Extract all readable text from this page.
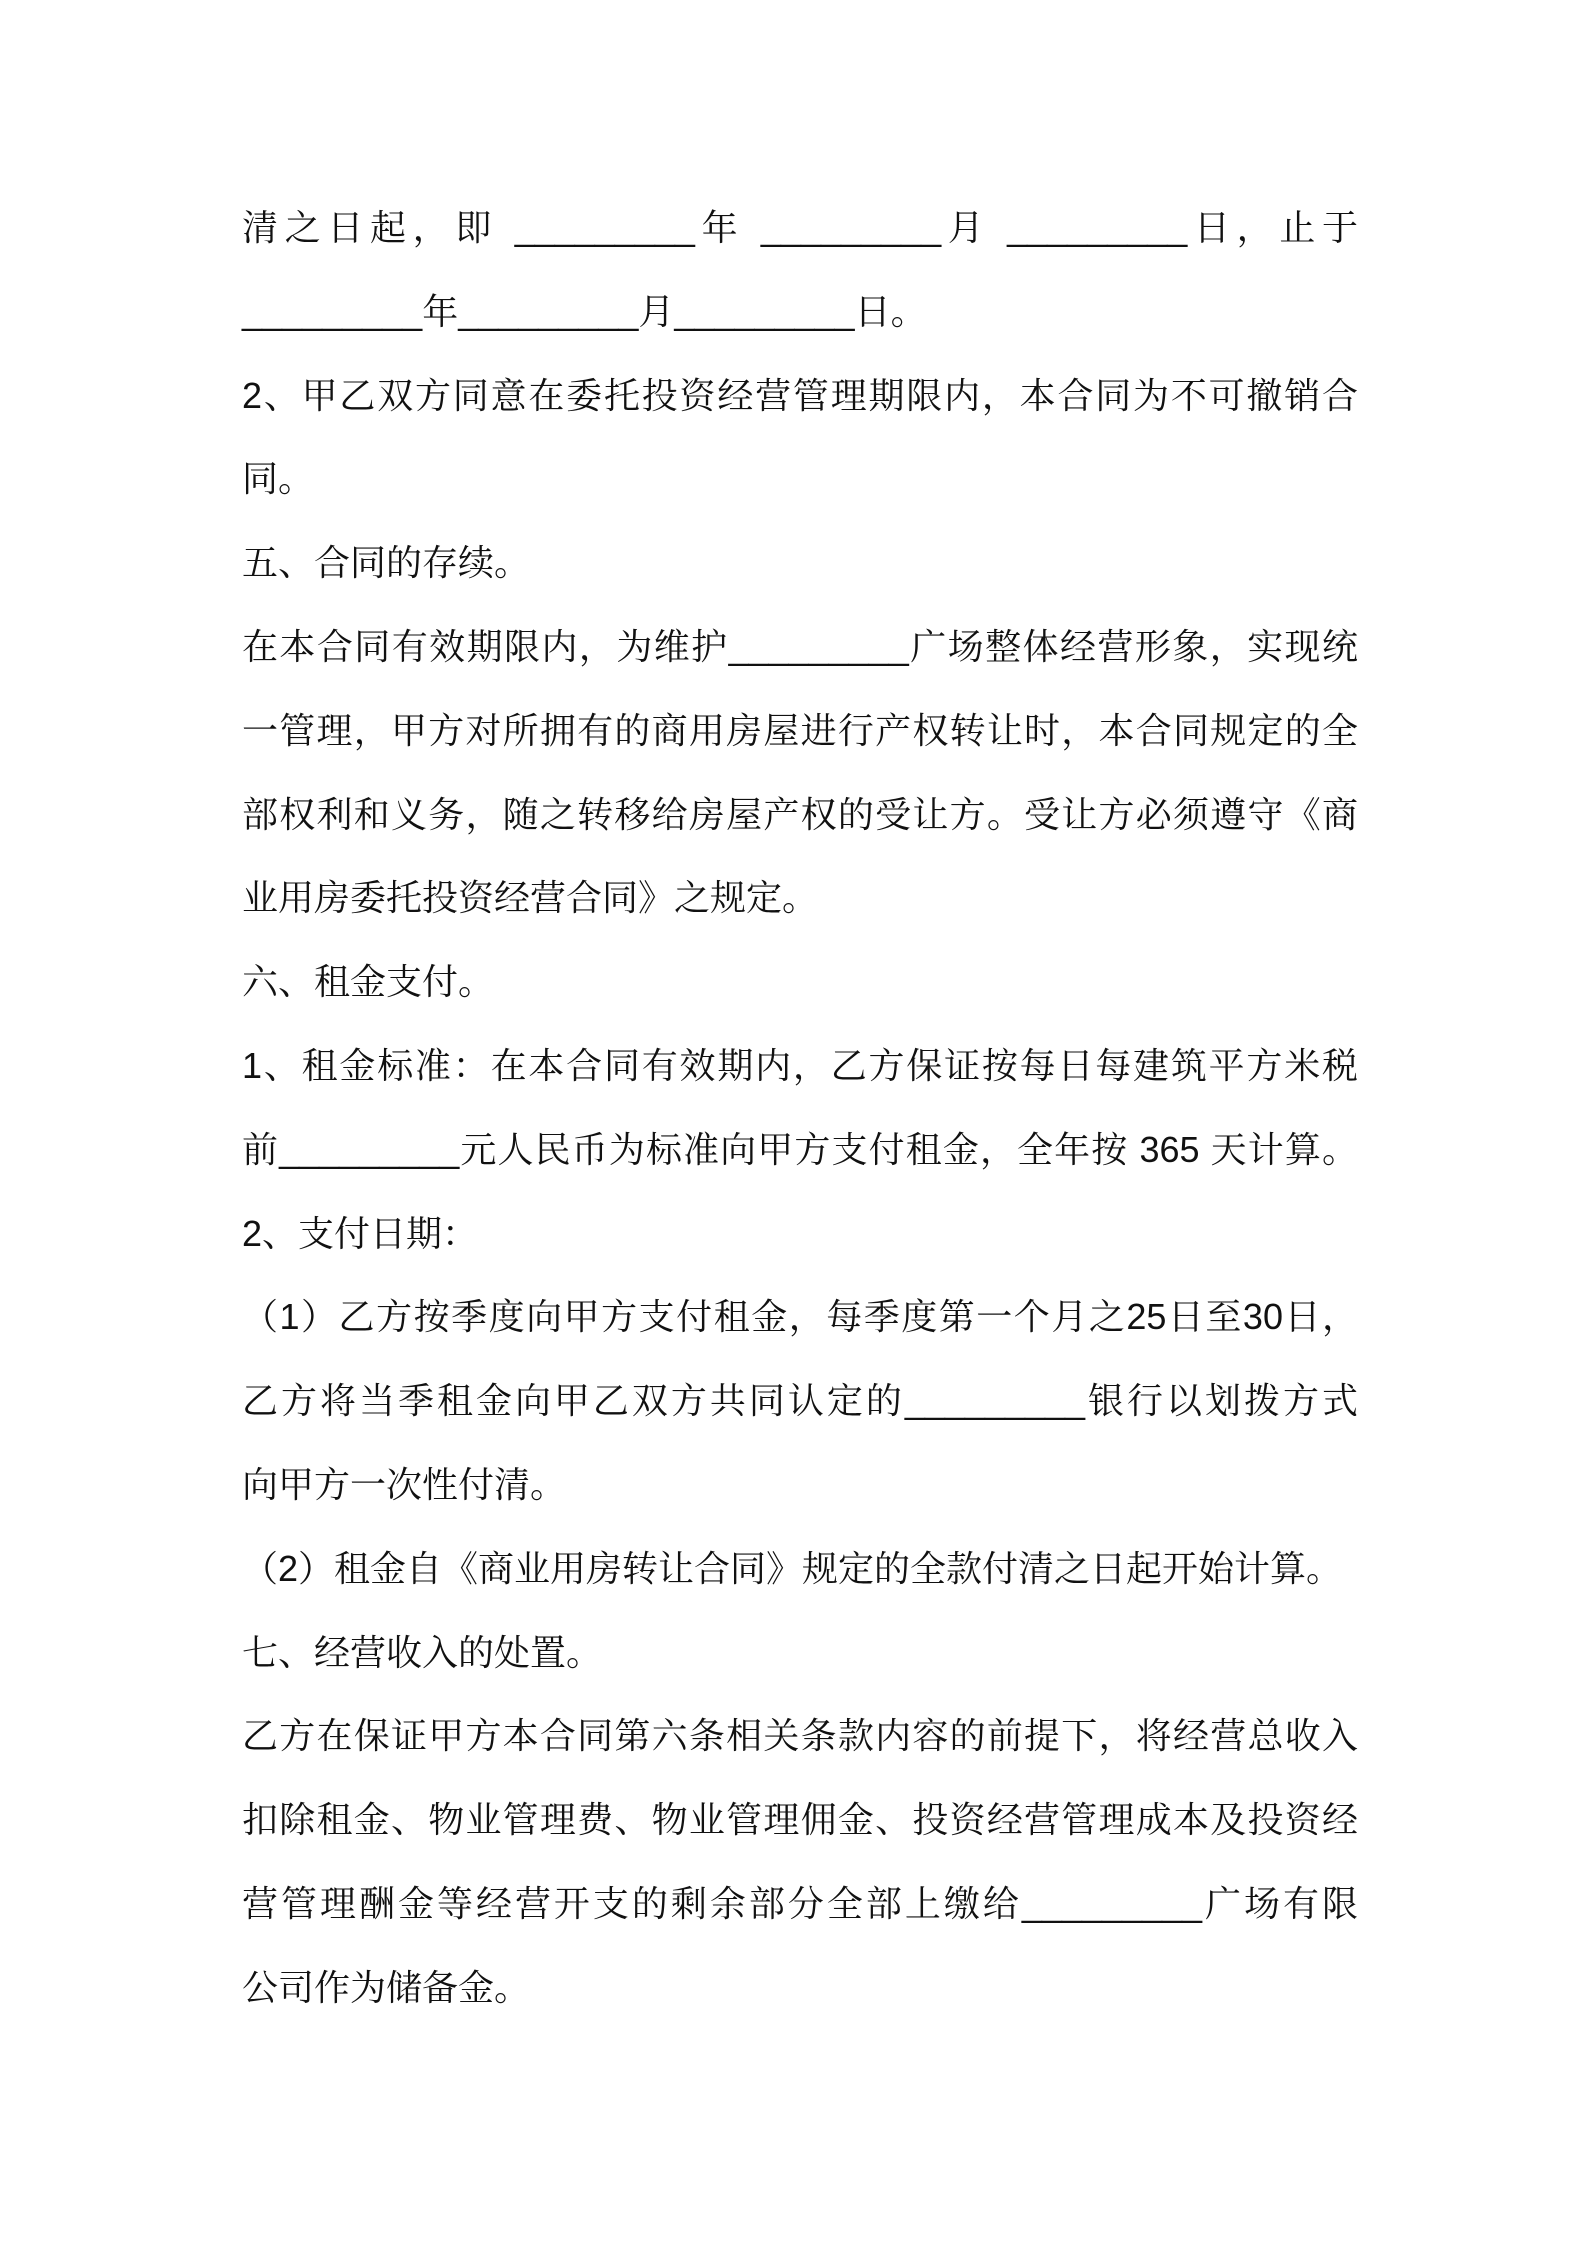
清之日起，即 _________年 _________月 _________日，止于
_________年_________月_________日。
2、甲乙双方同意在委托投资经营管理期限内，本合同为不可撤销合
同。
五、合同的存续。
在本合同有效期限内，为维护_________广场整体经营形象，实现统
一管理，甲方对所拥有的商用房屋进行产权转让时，本合同规定的全
部权利和义务，随之转移给房屋产权的受让方。受让方必须遵守《商
业用房委托投资经营合同》之规定。
六、租金支付。
1、租金标准：在本合同有效期内，乙方保证按每日每建筑平方米税
前_________元人民币为标准向甲方支付租金，全年按 365 天计算。
2、支付日期：
（1）乙方按季度向甲方支付租金，每季度第一个月之25日至30日，
乙方将当季租金向甲乙双方共同认定的_________银行以划拨方式
向甲方一次性付清。
（2）租金自《商业用房转让合同》规定的全款付清之日起开始计算。
七、经营收入的处置。
乙方在保证甲方本合同第六条相关条款内容的前提下，将经营总收入
扣除租金、物业管理费、物业管理佣金、投资经营管理成本及投资经
营管理酬金等经营开支的剩余部分全部上缴给_________广场有限
公司作为储备金。
